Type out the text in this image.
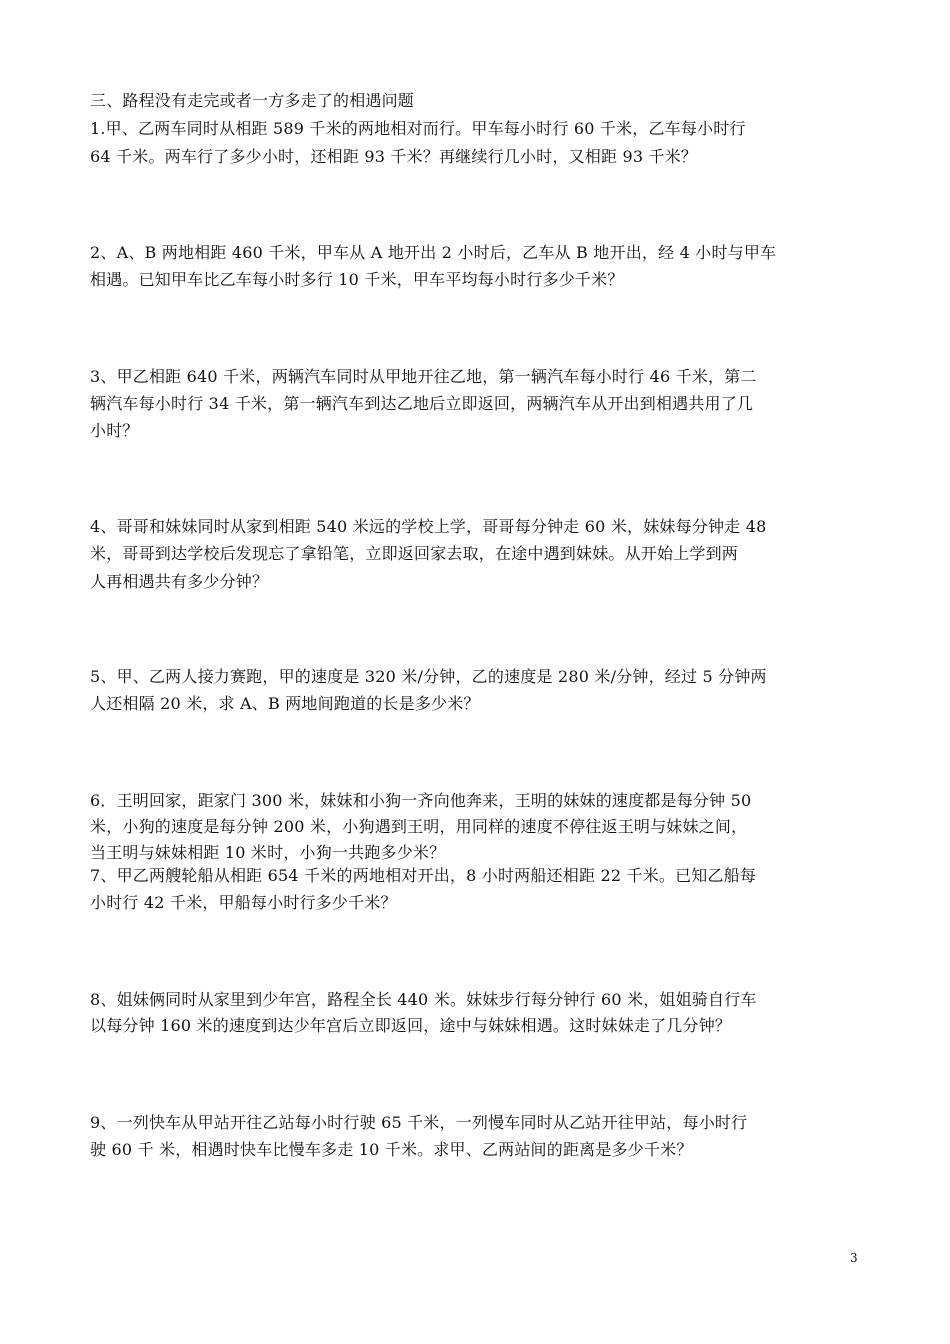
三、路程没有走完或者一方多走了的相遇问题
1.甲、乙两车同时从相距 589 千米的两地相对而行。甲车每小时行 60 千米，乙车每小时行
64 千米。两车行了多少小时，还相距 93 千米？再继续行几小时，又相距 93 千米？
2、A、B 两地相距 460 千米，甲车从 A 地开出 2 小时后，乙车从 B 地开出，经 4 小时与甲车
相遇。已知甲车比乙车每小时多行 10 千米，甲车平均每小时行多少千米？
3、甲乙相距 640 千米，两辆汽车同时从甲地开往乙地，第一辆汽车每小时行 46 千米，第二
辆汽车每小时行 34 千米，第一辆汽车到达乙地后立即返回，两辆汽车从开出到相遇共用了几
小时？
4、哥哥和妹妹同时从家到相距 540 米远的学校上学，哥哥每分钟走 60 米，妹妹每分钟走 48
米，哥哥到达学校后发现忘了拿铅笔，立即返回家去取，在途中遇到妹妹。从开始上学到两
人再相遇共有多少分钟？
5、甲、乙两人接力赛跑，甲的速度是 320 米/分钟，乙的速度是 280 米/分钟，经过 5 分钟两
人还相隔 20 米，求 A、B 两地间跑道的长是多少米？
6．王明回家，距家门 300 米，妹妹和小狗一齐向他奔来，王明的妹妹的速度都是每分钟 50
米，小狗的速度是每分钟 200 米，小狗遇到王明，用同样的速度不停往返王明与妹妹之间，
当王明与妹妹相距 10 米时，小狗一共跑多少米？
7、甲乙两艘轮船从相距 654 千米的两地相对开出，8 小时两船还相距 22 千米。已知乙船每
小时行 42 千米，甲船每小时行多少千米？
8、姐妹俩同时从家里到少年宫，路程全长 440 米。妹妹步行每分钟行 60 米，姐姐骑自行车
以每分钟 160 米的速度到达少年宫后立即返回，途中与妹妹相遇。这时妹妹走了几分钟？
9、一列快车从甲站开往乙站每小时行驶 65 千米，一列慢车同时从乙站开往甲站，每小时行
驶 60 千 米，相遇时快车比慢车多走 10 千米。求甲、乙两站间的距离是多少千米？
3
